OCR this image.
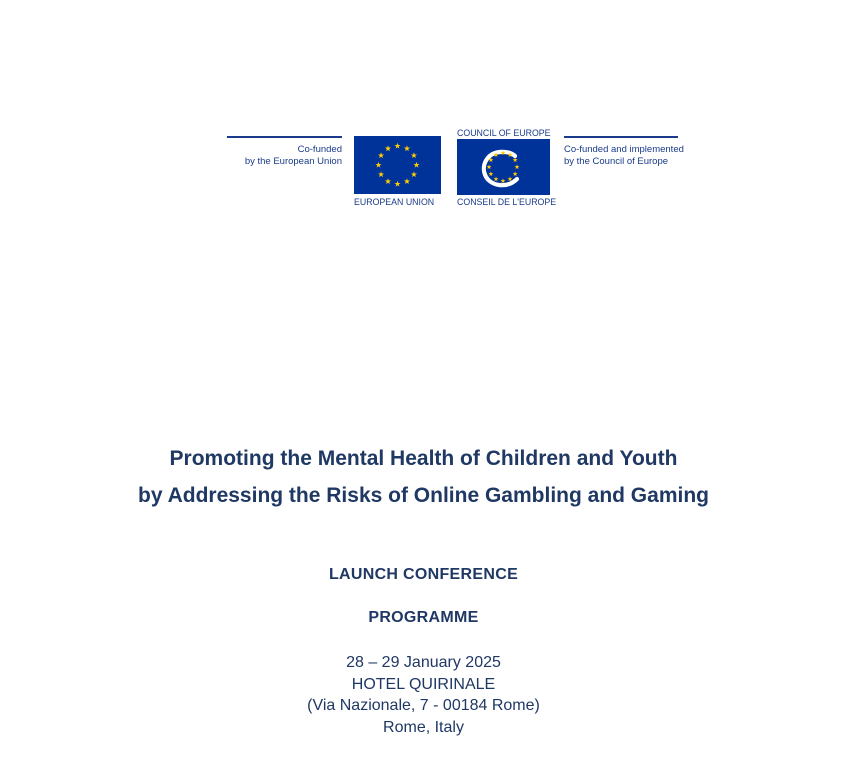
Co-funded
by the European Union
EUROPEAN UNION
COUNCIL OF EUROPE
CONSEIL DE L'EUROPE
Co-funded and implemented
by the Council of Europe
Promoting the Mental Health of Children and Youth
by Addressing the Risks of Online Gambling and Gaming
LAUNCH CONFERENCE
PROGRAMME
28 – 29 January 2025
HOTEL QUIRINALE
(Via Nazionale, 7 - 00184 Rome)
Rome, Italy
